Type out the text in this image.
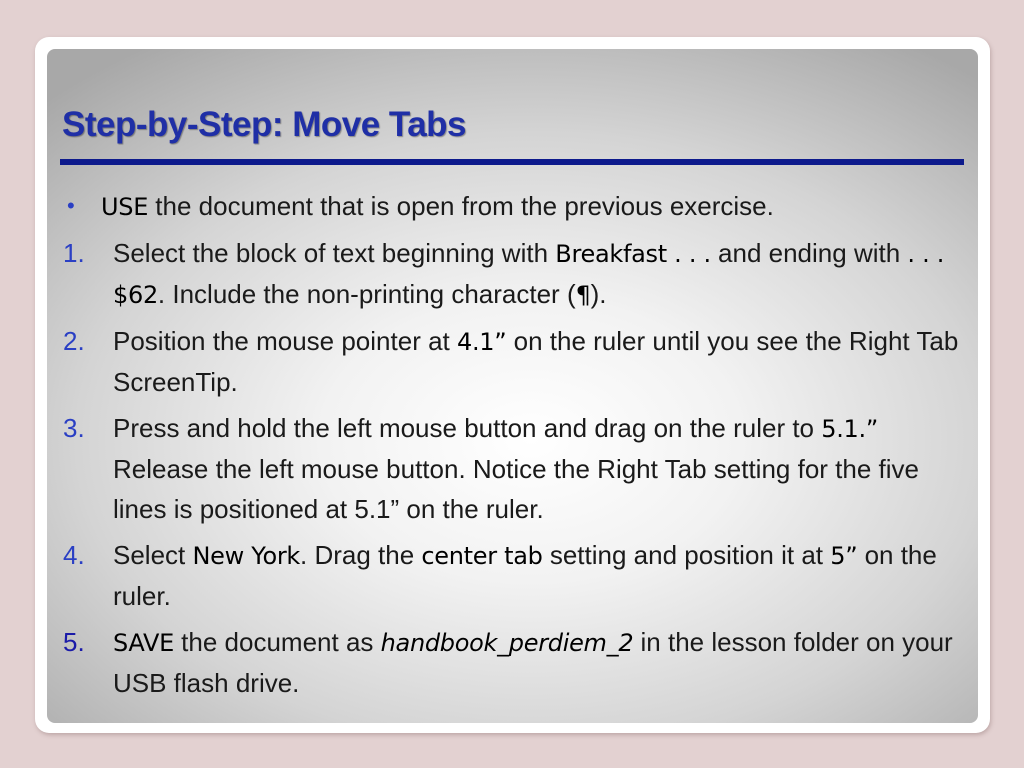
Step-by-Step: Move Tabs
• USE the document that is open from the previous exercise.
1. Select the block of text beginning with Breakfast . . . and ending with . . . $62. Include the non-printing character (¶).
2. Position the mouse pointer at 4.1” on the ruler until you see the Right Tab ScreenTip.
3. Press and hold the left mouse button and drag on the ruler to 5.1.” Release the left mouse button. Notice the Right Tab setting for the five lines is positioned at 5.1” on the ruler.
4. Select New York. Drag the center tab setting and position it at 5” on the ruler.
5. SAVE the document as handbook_perdiem_2 in the lesson folder on your USB flash drive.
